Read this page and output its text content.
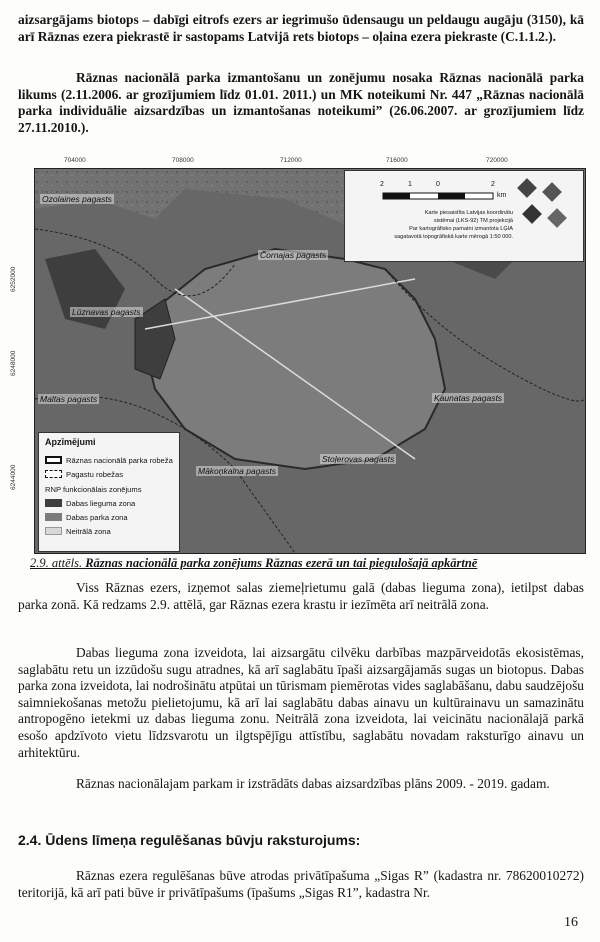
aizsargājams biotops – dabīgi eitrofs ezers ar iegrimušo ūdensaugu un peldaugu augāju (3150), kā arī Rāznas ezera piekrastē ir sastopams Latvijā rets biotops – oļaina ezera piekraste (C.1.1.2.).

Rāznas nacionālā parka izmantošanu un zonējumu nosaka Rāznas nacionālā parka likums (2.11.2006. ar grozījumiem līdz 01.01. 2011.) un MK noteikumi Nr. 447 „Rāznas nacionālā parka individuālie aizsardzības un izmantošanas noteikumi” (26.06.2007. ar grozījumiem līdz 27.11.2010.).

704000	708000	712000	716000	720000
6252000
6248000
6244000
Ozolaines pagasts
Čornajas pagasts
Lūznavas pagasts
Maltas pagasts	Kaunatas pagasts
Stoļerovas pagasts
Mākoņkalna pagasts
2	1	0	2
km
Karte piesaistīta Latvijas koordinātu
sistēmai (LKS-92) TM projekcijā
Par kartogrāfisko pamatni izmantota LĢIA
sagatavotā topogrāfiskā karte mērogā 1:50 000.
Apzīmējumi
Rāznas nacionālā parka robeža
Pagastu robežas
RNP funkcionālais zonējums
Dabas lieguma zona
Dabas parka zona
Neitrālā zona
2.9. attēls. Rāznas nacionālā parka zonējums Rāznas ezerā un tai piegulošajā apkārtnē

Viss Rāznas ezers, izņemot salas ziemeļrietumu galā (dabas lieguma zona), ietilpst dabas parka zonā. Kā redzams 2.9. attēlā, gar Rāznas ezera krastu ir iezīmēta arī neitrālā zona.

Dabas lieguma zona izveidota, lai aizsargātu cilvēku darbības mazpārveidotās ekosistēmas, saglabātu retu un izzūdošu sugu atradnes, kā arī saglabātu īpaši aizsargājamās sugas un biotopus. Dabas parka zona izveidota, lai nodrošinātu atpūtai un tūrismam piemērotas vides saglabāšanu, dabu saudzējošu saimniekošanas metožu pielietojumu, kā arī lai saglabātu dabas ainavu un kultūrainavu un samazinātu antropogēno ietekmi uz dabas lieguma zonu. Neitrālā zona izveidota, lai veicinātu nacionālajā parkā esošo apdzīvoto vietu līdzsvarotu un ilgtspējīgu attīstību, saglabātu novadam raksturīgo ainavu un arhitektūru.

Rāznas nacionālajam parkam ir izstrādāts dabas aizsardzības plāns 2009. - 2019. gadam.

2.4. Ūdens līmeņa regulēšanas būvju raksturojums:

Rāznas ezera regulēšanas būve atrodas privātīpašuma „Sigas R” (kadastra nr. 78620010272) teritorijā, kā arī pati būve ir privātīpašums (īpašums „Sigas R1”, kadastra Nr.

16
